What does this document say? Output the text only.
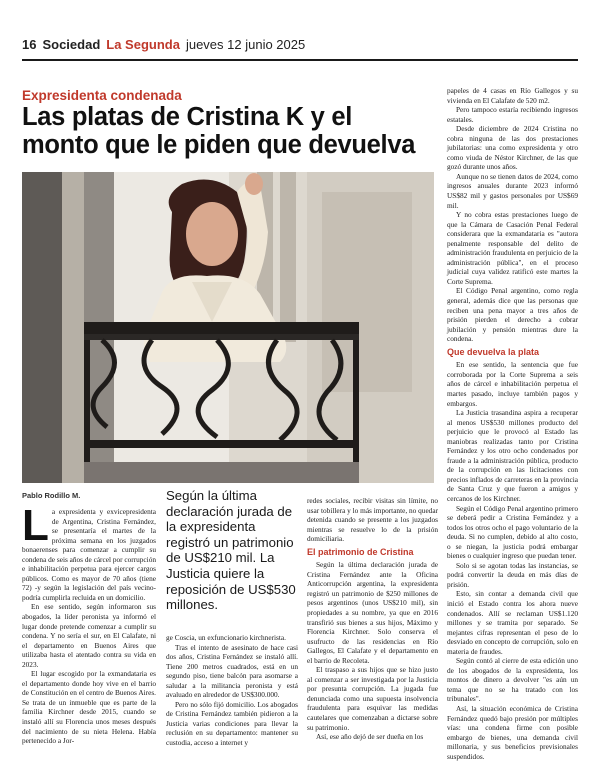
16 Sociedad La Segunda jueves 12 junio 2025
Expresidenta condenada
Las platas de Cristina K y el monto que le piden que devuelva
Pablo Rodillo M.	Según la última declaración jurada de la expresidenta registró un patrimonio de US$210 mil. La Justicia quiere la reposición de US$530 millones.

La expresidenta y exvicepresidenta de Argentina, Cristina Fernández, se presentaría el martes de la próxima semana en los juzgados bonaerenses para comenzar a cumplir su condena de seis años de cárcel por corrupción e inhabilitación perpetua para ejercer cargos públicos. Como es mayor de 70 años (tiene 72) -y según la legislación del país vecino- podría cumplirla recluida en un domicilio.

En ese sentido, según informaron sus abogados, la líder peronista ya informó el lugar donde pretende comenzar a cumplir su condena. Y no sería el sur, en El Calafate, ni el departamento en Buenos Aires que utilizaba hasta el atentado contra su vida en 2023.

El lugar escogido por la exmandataria es el departamento donde hoy vive en el barrio de Constitución en el centro de Buenos Aires. Se trata de un inmueble que es parte de la familia Kirchner desde 2015, cuando se instaló allí su Florencia unos meses después del nacimiento de su nieta Helena. Había pertenecido a Jor-

ge Coscia, un exfuncionario kirchnerista.

Tras el intento de asesinato de hace casi dos años, Cristina Fernández se instaló allí. Tiene 200 metros cuadrados, está en un segundo piso, tiene balcón para asomarse a saludar a la militancia peronista y está avaluado en alrededor de US$300.000.

Pero no sólo fijó domicilio. Los abogados de Cristina Fernández también pidieron a la Justicia varias condiciones para llevar la reclusión en su departamento: mantener su custodia, acceso a internet y

redes sociales, recibir visitas sin límite, no usar tobillera y lo más importante, no quedar detenida cuando se presente a los juzgados mientras se resuelve lo de la prisión domiciliaria.

El patrimonio de Cristina

Según la última declaración jurada de Cristina Fernández ante la Oficina Anticorrupción argentina, la expresidenta registró un patrimonio de $250 millones de pesos argentinos (unos US$210 mil), sin propiedades a su nombre, ya que en 2016 transfirió sus bienes a sus hijos, Máximo y Florencia Kirchner. Solo conserva el usufructo de las residencias en Río Gallegos, El Calafate y el departamento en el barrio de Recoleta.

El traspaso a sus hijos que se hizo justo al comenzar a ser investigada por la Justicia por presunta corrupción. La jugada fue denunciada como una supuesta insolvencia fraudulenta para esquivar las medidas cautelares que comenzaban a dictarse sobre su patrimonio.

Así, ese año dejó de ser dueña en los

papeles de 4 casas en Río Gallegos y su vivienda en El Calafate de 520 m2.

Pero tampoco estaría recibiendo ingresos estatales.

Desde diciembre de 2024 Cristina no cobra ninguna de las dos prestaciones jubilatorias: una como expresidenta y otro como viuda de Néstor Kirchner, de las que gozó durante unos años.

Aunque no se tienen datos de 2024, como ingresos anuales durante 2023 informó US$82 mil y gastos personales por US$69 mil.

Y no cobra estas prestaciones luego de que la Cámara de Casación Penal Federal considerara que la exmandataria es "autora penalmente responsable del delito de administración fraudulenta en perjuicio de la administración pública", en el proceso judicial cuya validez ratificó este martes la Corte Suprema.

El Código Penal argentino, como regla general, además dice que las personas que reciben una pena mayor a tres años de prisión pierden el derecho a cobrar jubilación y pensión mientras dure la condena.

Que devuelva la plata

En ese sentido, la sentencia que fue corroborada por la Corte Suprema a seis años de cárcel e inhabilitación perpetua el martes pasado, incluye también pagos y embargos.

La Justicia trasandina aspira a recuperar al menos US$530 millones producto del perjuicio que le provocó al Estado las maniobras realizadas tanto por Cristina Fernández y los otro ocho condenados por fraude a la administración pública, producto de la corrupción en las licitaciones con precios inflados de carreteras en la provincia de Santa Cruz y que fueron a amigos y cercanos de los Kirchner.

Según el Código Penal argentino primero se deberá pedir a Cristina Fernández y a todos los otros ocho el pago voluntario de la deuda. Si no cumplen, debido al alto costo, o se niegan, la justicia podrá embargar bienes o cualquier ingreso que puedan tener.

Solo si se agotan todas las instancias, se podrá convertir la deuda en más días de prisión.

Esto, sin contar a demanda civil que inició el Estado contra los ahora nueve condenados. Allí se reclaman US$1.120 millones y se tramita por separado. Se mejantes cifras representan el peso de lo desviado en concepto de corrupción, solo en materia de fraudes.

Según contó al cierre de esta edición uno de los abogados de la expresidenta, los montos de dinero a devolver "es aún un tema que no se ha tratado con los tribunales".

Así, la situación económica de Cristina Fernández quedó bajo presión por múltiples vías: una condena firme con posible embargo de bienes, una demanda civil millonaria, y sus beneficios previsionales suspendidos.
